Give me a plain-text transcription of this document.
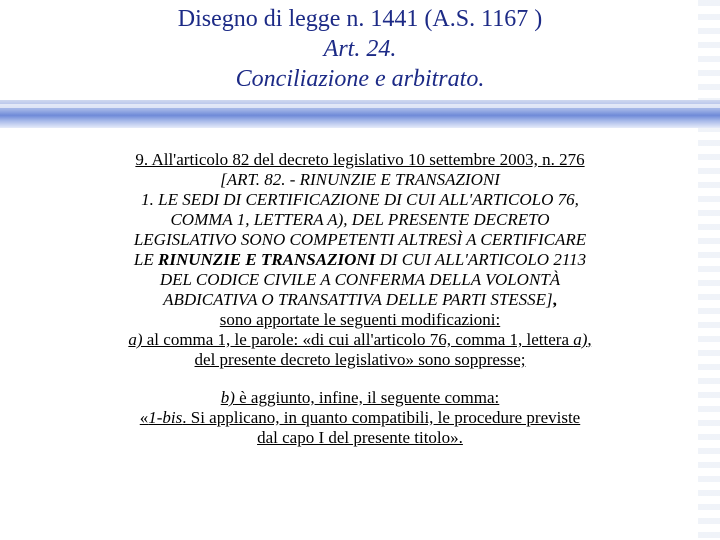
Disegno di legge n. 1441 (A.S. 1167 )
Art. 24.
Conciliazione e arbitrato.
9. All'articolo 82 del decreto legislativo 10 settembre 2003, n. 276
[ART. 82. - RINUNZIE E TRANSAZIONI
1. LE SEDI DI CERTIFICAZIONE DI CUI ALL'ARTICOLO 76,
COMMA 1, LETTERA A), DEL PRESENTE DECRETO
LEGISLATIVO SONO COMPETENTI ALTRESÌ A CERTIFICARE
LE RINUNZIE E TRANSAZIONI DI CUI ALL'ARTICOLO 2113
DEL CODICE CIVILE A CONFERMA DELLA VOLONTÀ
ABDICATIVA O TRANSATTIVA DELLE PARTI STESSE],
sono apportate le seguenti modificazioni:
a) al comma 1, le parole: «di cui all'articolo 76, comma 1, lettera a),
del presente decreto legislativo» sono soppresse;
b) è aggiunto, infine, il seguente comma:
«1-bis. Si applicano, in quanto compatibili, le procedure previste
dal capo I del presente titolo».
